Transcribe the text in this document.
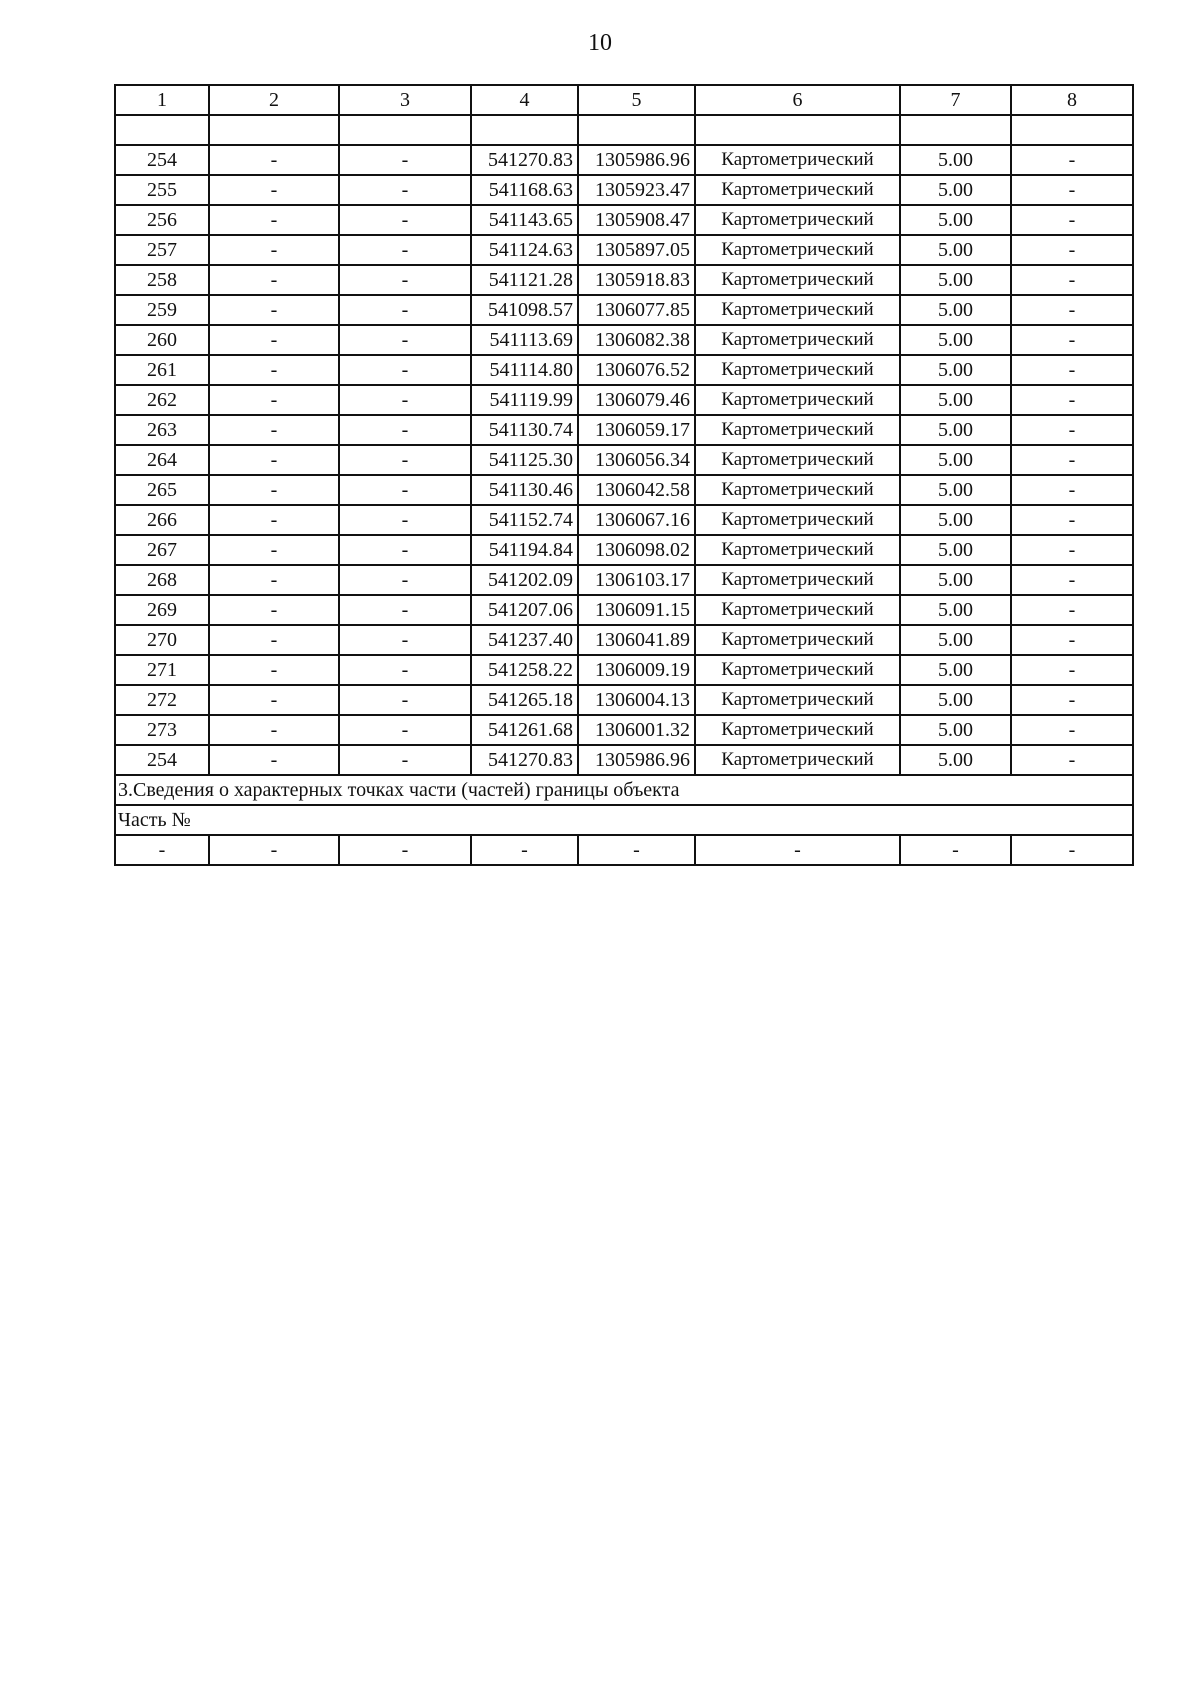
10
1	2	3	4	5	6	7	8

254	-	-	541270.83	1305986.96	Картометрический	5.00	-
255	-	-	541168.63	1305923.47	Картометрический	5.00	-
256	-	-	541143.65	1305908.47	Картометрический	5.00	-
257	-	-	541124.63	1305897.05	Картометрический	5.00	-
258	-	-	541121.28	1305918.83	Картометрический	5.00	-
259	-	-	541098.57	1306077.85	Картометрический	5.00	-
260	-	-	541113.69	1306082.38	Картометрический	5.00	-
261	-	-	541114.80	1306076.52	Картометрический	5.00	-
262	-	-	541119.99	1306079.46	Картометрический	5.00	-
263	-	-	541130.74	1306059.17	Картометрический	5.00	-
264	-	-	541125.30	1306056.34	Картометрический	5.00	-
265	-	-	541130.46	1306042.58	Картометрический	5.00	-
266	-	-	541152.74	1306067.16	Картометрический	5.00	-
267	-	-	541194.84	1306098.02	Картометрический	5.00	-
268	-	-	541202.09	1306103.17	Картометрический	5.00	-
269	-	-	541207.06	1306091.15	Картометрический	5.00	-
270	-	-	541237.40	1306041.89	Картометрический	5.00	-
271	-	-	541258.22	1306009.19	Картометрический	5.00	-
272	-	-	541265.18	1306004.13	Картометрический	5.00	-
273	-	-	541261.68	1306001.32	Картометрический	5.00	-
254	-	-	541270.83	1305986.96	Картометрический	5.00	-
3.Сведения о характерных точках части (частей) границы объекта							
Часть №							
-	-	-	-	-	-	-	-
